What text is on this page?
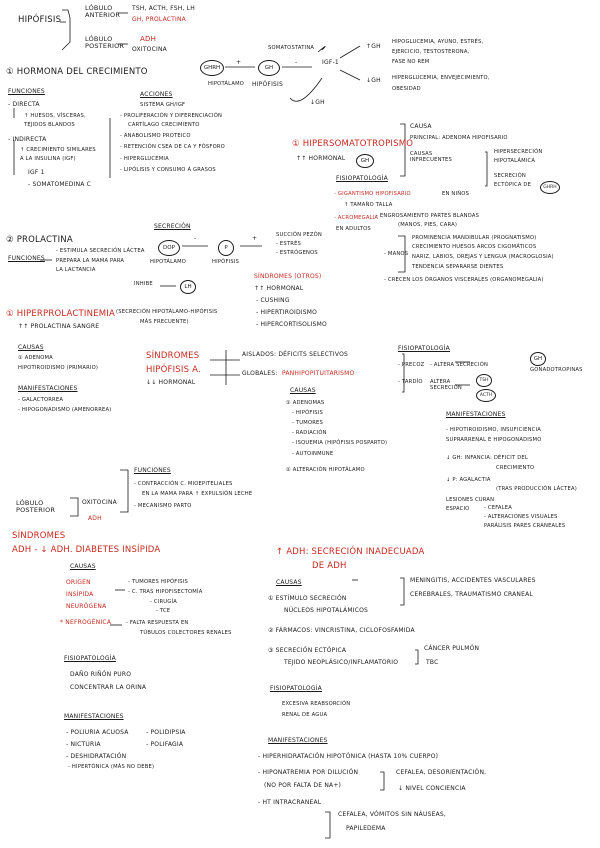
HIPÓFISIS
LÓBULO ANTERIOR
LÓBULO POSTERIOR
TSH, ACTH, FSH, LH
GH, PROLACTINA
ADH
OXITOCINA	SOMATOSTATINA
GHRH	GH
+	-	IGF-1
HIPOTÁLAMO HIPÓFISIS
↓GH
↑GH
HIPOGLUCEMIA, AYUNO, ESTRÉS,
EJERCICIO, TESTOSTERONA,
FASE NO REM
↓GH HIPERGLUCEMIA, ENVEJECIMIENTO,
OBESIDAD
① HORMONA DEL CRECIMIENTO
FUNCIONES
- DIRECTA
↑ HUESOS, VÍSCERAS,
TEJIDOS BLANDOS
- INDIRECTA
↑ CRECIMIENTO SIMILARES
A LA INSULINA (IGF)
IGF 1
- SOMATOMEDINA C
ACCIONES
SISTEMA GH/IGF
- PROLIFERACIÓN Y DIFERENCIACIÓN
CARTÍLAGO CRECIMIENTO
- ANABOLISMO PROTEICO
- RETENCIÓN CSEA DE CA Y FÓSFORO
- HIPERGLUCEMIA
- LIPÓLISIS Y CONSUMO Á GRASOS
① HIPERSOMATOTROPISMO
↑↑ HORMONAL	GH
CAUSA
PRINCIPAL: ADENOMA HIPOFISARIO
CAUSAS INFRECUENTES
HIPERSECRECIÓN
HIPOTALÁMICA
SECRECIÓN
ECTÓPICA DE	GHRH
FISIOPATOLOGÍA
- GIGANTISMO HIPOFISARIO
↑ TAMAÑO TALLA
EN NIÑOS
- ACROMEGALIA
EN ADULTOS
- ENGROSAMIENTO PARTES BLANDAS
(MANOS, PIES, CARA)
- MANOS
PROMINENCIA MANDIBULAR (PROGNATISMO)
CRECIMIENTO HUESOS ARCOS CIGOMÁTICOS
NARIZ, LABIOS, OREJAS Y LENGUA (MACROGLOSIA)
TENDENCIA SEPARARSE DIENTES
- CRECEN LOS ÓRGANOS VISCERALES (ORGANOMEGALIA)
② PROLACTINA
FUNCIONES
- ESTIMULA SECRECIÓN LÁCTEA
PREPARA LA MAMA PARA
LA LACTANCIA
SECRECIÓN
DOP	P
-	+
HIPOTÁLAMO	HIPÓFISIS
SUCCIÓN PEZÓN
- ESTRÉS
- ESTRÓGENOS
INHIBE	LH
SÍNDROMES (OTROS)
↑↑ HORMONAL
- CUSHING
- HIPERTIROIDISMO
- HIPERCORTISOLISMO
① HIPERPROLACTINEMIA (SECRECIÓN HIPOTÁLAMO-HIPÓFISIS
MÁS FRECUENTE)
↑↑ PROLACTINA SANGRE
CAUSAS
① ADENOMA
HIPOTIROIDISMO (PRIMARIO)
MANIFESTACIONES
- GALACTORREA
- HIPOGONADISMO (AMENORREA)
SÍNDROMES
HIPÓFISIS A.
↓↓ HORMONAL
AISLADOS: DÉFICITS SELECTIVOS
GLOBALES: PANHIPOPITUITARISMO
CAUSAS
① ADENOMAS
- HIPÓFISIS
- TUMORES
- RADIACIÓN
- ISQUEMIA (HIPÓFISIS POSPARTO)
- AUTOINMUNE
② ALTERACIÓN HIPOTÁLAMO
FISIOPATOLOGÍA
- PRECOZ - ALTERA SECRECIÓN
GH
GONADOTROPINAS
- TARDÍO ALTERA SECRECIÓN
TSH
ACTH
MANIFESTACIONES
- HIPOTIROIDISMO, INSUFICIENCIA
SUPRARRENAL E HIPOGONADISMO
↓ GH: INFANCIA: DÉFICIT DEL
CRECIMIENTO
↓ P: AGALACTIA
(TRAS PRODUCCIÓN LÁCTEA)
LESIONES CURAN
ESPACIO	- CEFALEA
- ALTERACIONES VISUALES
PARÁLISIS PARES CRANEALES
LÓBULO POSTERIOR
OXITOCINA
ADH
FUNCIONES
- CONTRACCIÓN C. MIOEPITELIALES
EN LA MAMA PARA ↑ EXPULSIÓN LECHE
- MECANISMO PARTO
SÍNDROMES
ADH - ↓ ADH. DIABETES INSÍPIDA
CAUSAS
ORIGEN
INSÍPIDA
NEURÓGENA
- TUMORES HIPÓFISIS
- C. TRAS HIPOFISECTOMÍA
- CIRUGÍA
- TCE
* NEFROGÉNICA	- FALTA RESPUESTA EN
TÚBULOS COLECTORES RENALES
FISIOPATOLOGÍA
DAÑO RIÑÓN PURO
CONCENTRAR LA ORINA
MANIFESTACIONES
- POLIURIA ACUOSA
- NICTURIA
- DESHIDRATACIÓN
- HIPERTÓNICA (MÁS NO DEBE)
- POLIDIPSIA
- POLIFAGIA
↑ ADH: SECRECIÓN INADECUADA
DE ADH
CAUSAS
① ESTÍMULO SECRECIÓN
NÚCLEOS HIPOTALÁMICOS
MENINGITIS, ACCIDENTES VASCULARES
CEREBRALES, TRAUMATISMO CRANEAL
② FÁRMACOS: VINCRISTINA, CICLOFOSFAMIDA
③ SECRECIÓN ECTÓPICA
TEJIDO NEOPLÁSICO/INFLAMATORIO
CÁNCER PULMÓN
TBC
FISIOPATOLOGÍA
EXCESIVA REABSORCIÓN
RENAL DE AGUA
MANIFESTACIONES
- HIPERHIDRATACIÓN HIPOTÓNICA (HASTA 10% CUERPO)
- HIPONATREMIA POR DILUCIÓN
(NO POR FALTA DE NA+)
- HT INTRACRANEAL
CEFALEA, DESORIENTACIÓN,
↓ NIVEL CONCIENCIA
CEFALEA, VÓMITOS SIN NÁUSEAS,
PAPILEDEMA
